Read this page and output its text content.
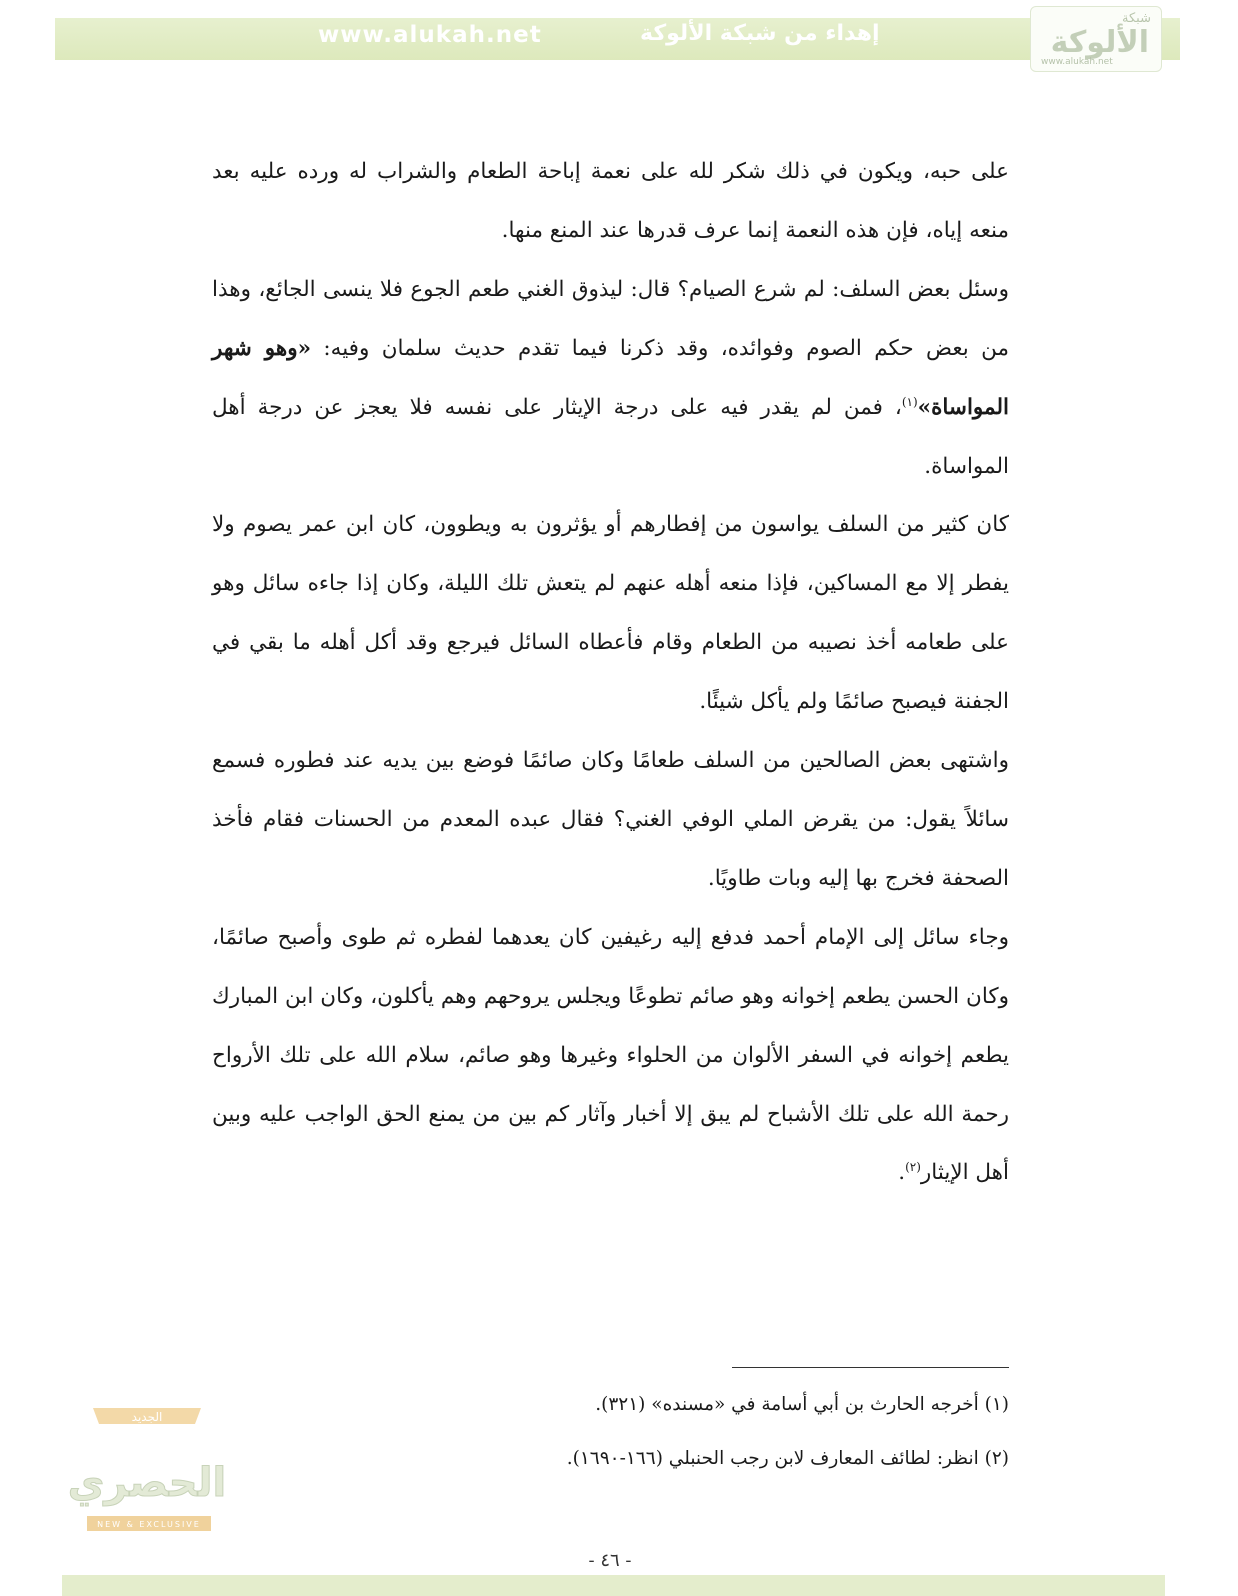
www.alukah.net	إهداء من شبكة الألوكة
شبكة
الألوكة
www.alukah.net

على حبه، ويكون في ذلك شكر لله على نعمة إباحة الطعام والشراب له ورده عليه بعد منعه إياه، فإن هذه النعمة إنما عرف قدرها عند المنع منها.

وسئل بعض السلف: لم شرع الصيام؟ قال: ليذوق الغني طعم الجوع فلا ينسى الجائع، وهذا من بعض حكم الصوم وفوائده، وقد ذكرنا فيما تقدم حديث سلمان وفيه: «وهو شهر المواساة»$^{(١)}$، فمن لم يقدر فيه على درجة الإيثار على نفسه فلا يعجز عن درجة أهل المواساة.

كان كثير من السلف يواسون من إفطارهم أو يؤثرون به ويطوون، كان ابن عمر يصوم ولا يفطر إلا مع المساكين، فإذا منعه أهله عنهم لم يتعش تلك الليلة، وكان إذا جاءه سائل وهو على طعامه أخذ نصيبه من الطعام وقام فأعطاه السائل فيرجع وقد أكل أهله ما بقي في الجفنة فيصبح صائمًا ولم يأكل شيئًا.

واشتهى بعض الصالحين من السلف طعامًا وكان صائمًا فوضع بين يديه عند فطوره فسمع سائلاً يقول: من يقرض الملي الوفي الغني؟ فقال عبده المعدم من الحسنات فقام فأخذ الصحفة فخرج بها إليه وبات طاويًا.

وجاء سائل إلى الإمام أحمد فدفع إليه رغيفين كان يعدهما لفطره ثم طوى وأصبح صائمًا، وكان الحسن يطعم إخوانه وهو صائم تطوعًا ويجلس يروحهم وهم يأكلون، وكان ابن المبارك يطعم إخوانه في السفر الألوان من الحلواء وغيرها وهو صائم، سلام الله على تلك الأرواح رحمة الله على تلك الأشباح لم يبق إلا أخبار وآثار كم بين من يمنع الحق الواجب عليه وبين أهل الإيثار$^{(٢)}$.

(١) أخرجه الحارث بن أبي أسامة في «مسنده» (٣٢١).
(٢) انظر: لطائف المعارف لابن رجب الحنبلي (١٦٦-١٦٩٠).
الجديد
الحصري
NEW & EXCLUSIVE
- ٤٦ -
